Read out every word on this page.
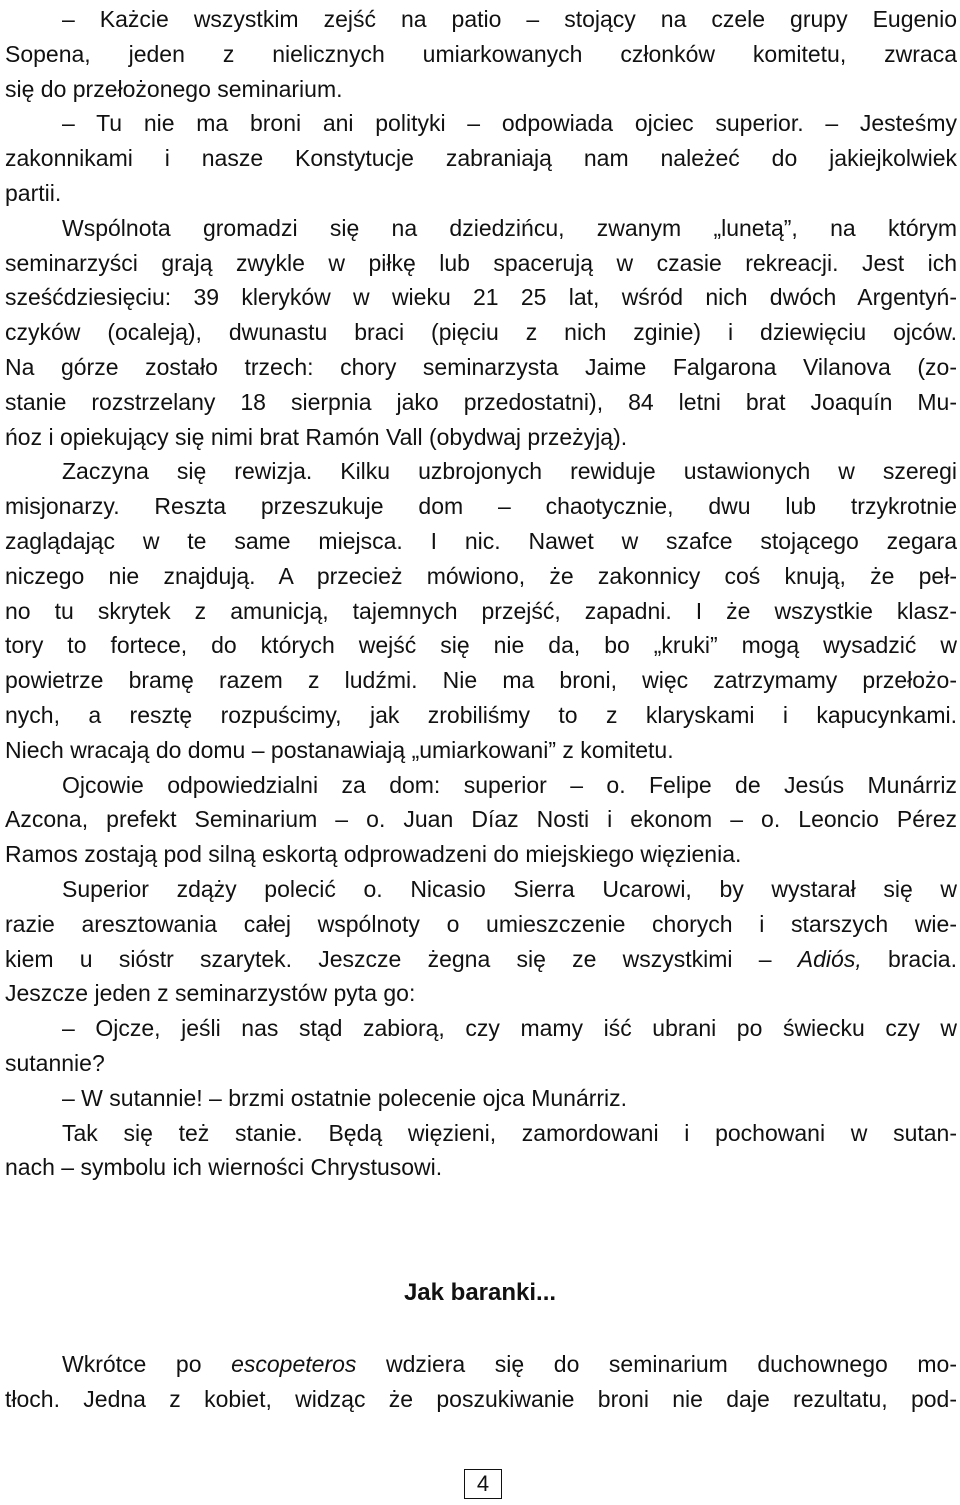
– Każcie wszystkim zejść na patio – stojący na czele grupy Eugenio
Sopena, jeden z nielicznych umiarkowanych członków komitetu, zwraca
się do przełożonego seminarium.
– Tu nie ma broni ani polityki – odpowiada ojciec superior. – Jesteśmy
zakonnikami i nasze Konstytucje zabraniają nam należeć do jakiejkolwiek
partii.
Wspólnota gromadzi się na dziedzińcu, zwanym „lunetą”, na którym
seminarzyści grają zwykle w piłkę lub spacerują w czasie rekreacji. Jest ich
sześćdziesięciu: 39 kleryków w wieku 21 25 lat, wśród nich dwóch Argentyń-
czyków (ocaleją), dwunastu braci (pięciu z nich zginie) i dziewięciu ojców.
Na górze zostało trzech: chory seminarzysta Jaime Falgarona Vilanova (zo-
stanie rozstrzelany 18 sierpnia jako przedostatni), 84 letni brat Joaquín Mu-
ńoz i opiekujący się nimi brat Ramón Vall (obydwaj przeżyją).
Zaczyna się rewizja. Kilku uzbrojonych rewiduje ustawionych w szeregi
misjonarzy. Reszta przeszukuje dom – chaotycznie, dwu lub trzykrotnie
zaglądając w te same miejsca. I nic. Nawet w szafce stojącego zegara
niczego nie znajdują. A przecież mówiono, że zakonnicy coś knują, że peł-
no tu skrytek z amunicją, tajemnych przejść, zapadni. I że wszystkie klasz-
tory to fortece, do których wejść się nie da, bo „kruki” mogą wysadzić w
powietrze bramę razem z ludźmi. Nie ma broni, więc zatrzymamy przełożo-
nych, a resztę rozpuścimy, jak zrobiliśmy to z klaryskami i kapucynkami.
Niech wracają do domu – postanawiają „umiarkowani” z komitetu.
Ojcowie odpowiedzialni za dom: superior – o. Felipe de Jesús Munárriz
Azcona, prefekt Seminarium – o. Juan Díaz Nosti i ekonom – o. Leoncio Pérez
Ramos zostają pod silną eskortą odprowadzeni do miejskiego więzienia.
Superior zdąży polecić o. Nicasio Sierra Ucarowi, by wystarał się w
razie aresztowania całej wspólnoty o umieszczenie chorych i starszych wie-
kiem u sióstr szarytek. Jeszcze żegna się ze wszystkimi – Adiós, bracia.
Jeszcze jeden z seminarzystów pyta go:
– Ojcze, jeśli nas stąd zabiorą, czy mamy iść ubrani po świecku czy w
sutannie?
– W sutannie! – brzmi ostatnie polecenie ojca Munárriz.
Tak się też stanie. Będą więzieni, zamordowani i pochowani w sutan-
nach – symbolu ich wierności Chrystusowi.
Jak baranki...
Wkrótce po escopeteros wdziera się do seminarium duchownego mo-
tłoch. Jedna z kobiet, widząc że poszukiwanie broni nie daje rezultatu, pod-
4
